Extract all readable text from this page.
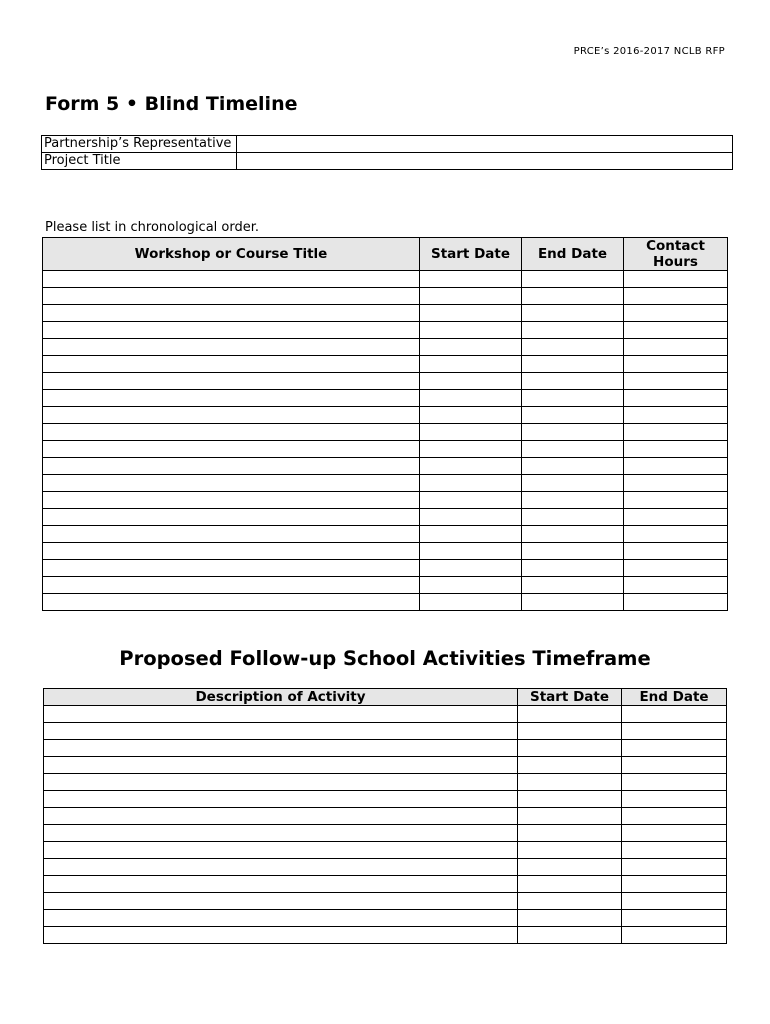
PRCE’s 2016-2017 NCLB RFP
Form 5 • Blind Timeline
Partnership’s Representative	
Project Title	
Please list in chronological order.
Workshop or Course Title	Start Date	End Date	Contact Hours

Proposed Follow-up School Activities Timeframe
Description of Activity	Start Date	End Date
